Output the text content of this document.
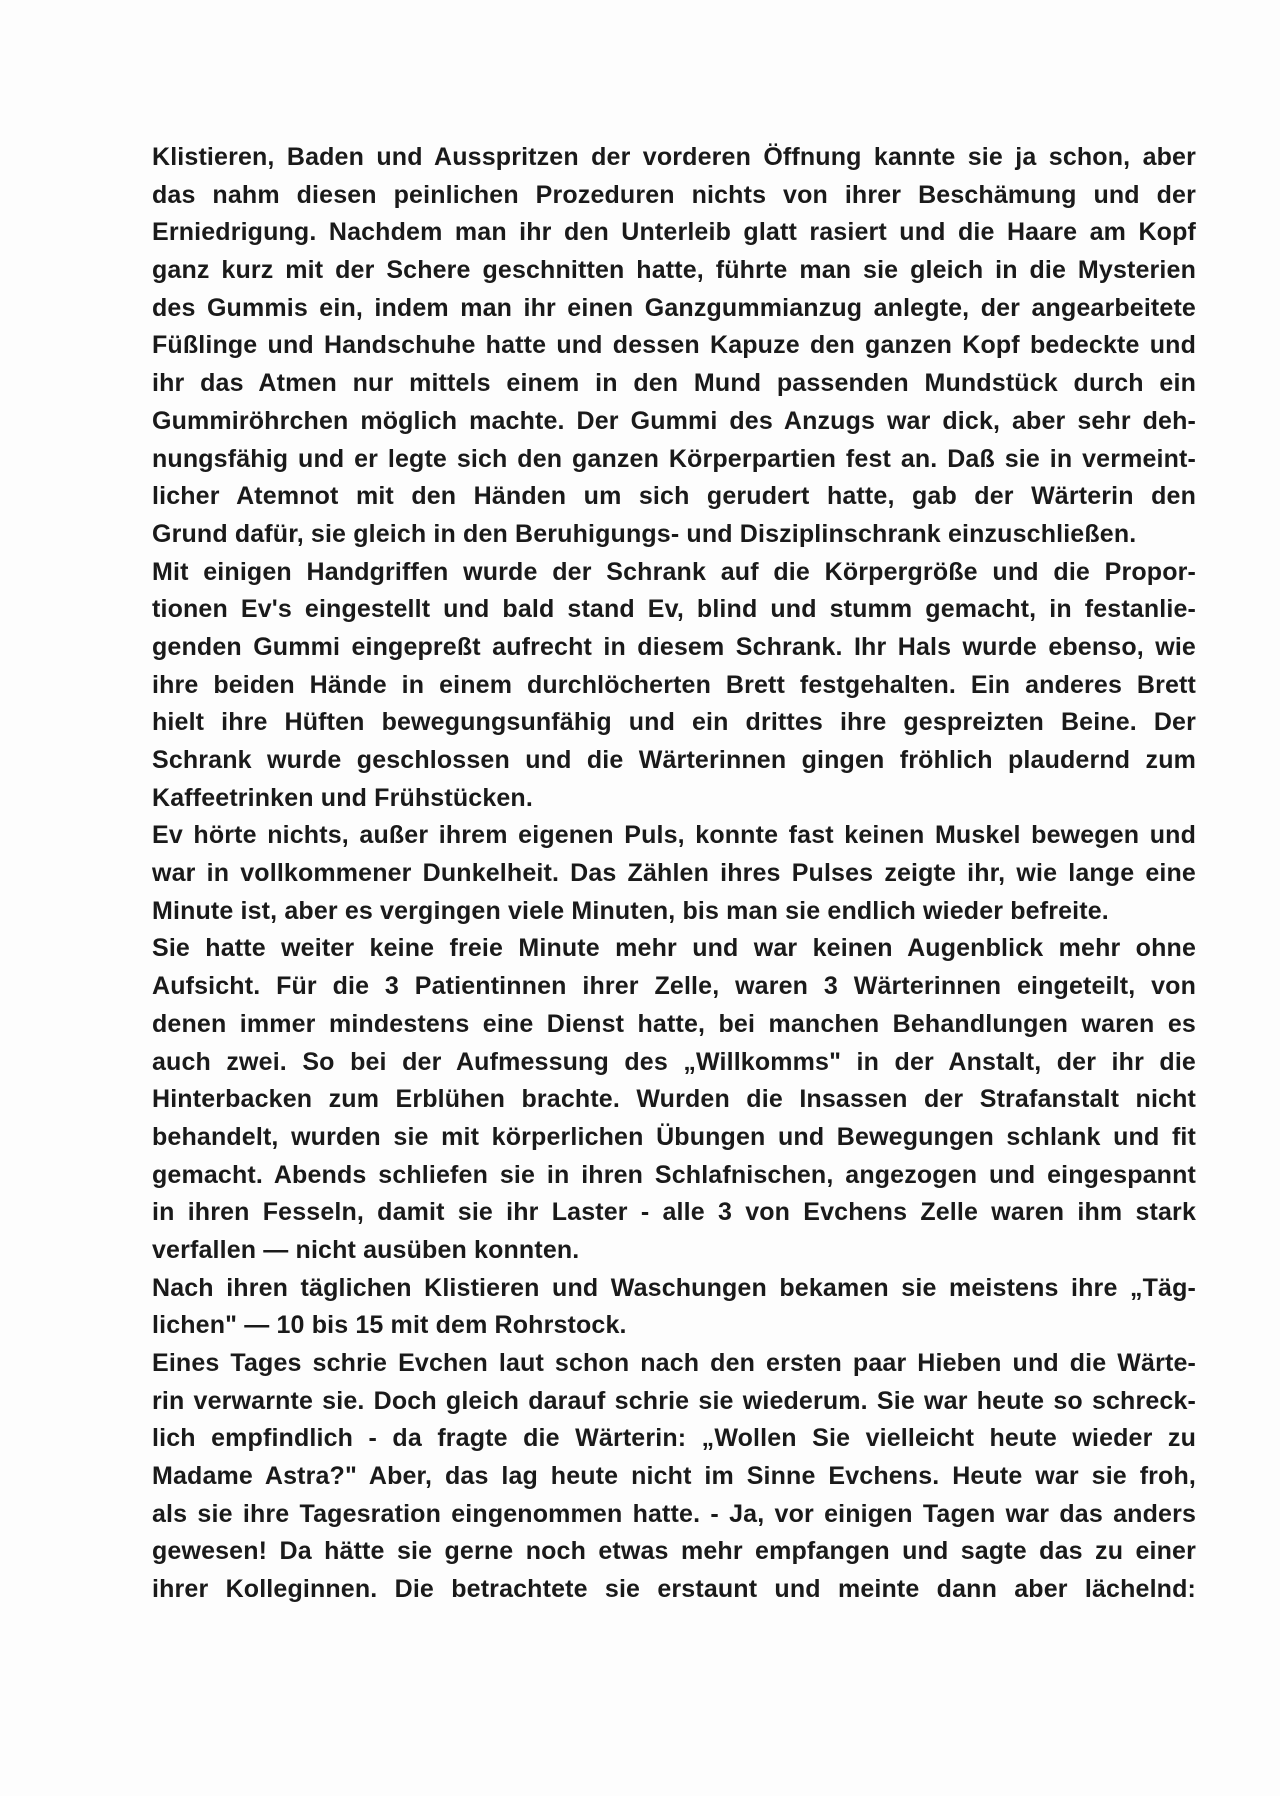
Klistieren, Baden und Ausspritzen der vorderen Öffnung kannte sie ja schon, aber
das nahm diesen peinlichen Prozeduren nichts von ihrer Beschämung und der
Erniedrigung. Nachdem man ihr den Unterleib glatt rasiert und die Haare am Kopf
ganz kurz mit der Schere geschnitten hatte, führte man sie gleich in die Mysterien
des Gummis ein, indem man ihr einen Ganzgummianzug anlegte, der angearbeitete
Füßlinge und Handschuhe hatte und dessen Kapuze den ganzen Kopf bedeckte und
ihr das Atmen nur mittels einem in den Mund passenden Mundstück durch ein
Gummiröhrchen möglich machte. Der Gummi des Anzugs war dick, aber sehr deh-
nungsfähig und er legte sich den ganzen Körperpartien fest an. Daß sie in vermeint-
licher Atemnot mit den Händen um sich gerudert hatte, gab der Wärterin den
Grund dafür, sie gleich in den Beruhigungs- und Disziplinschrank einzuschließen.
Mit einigen Handgriffen wurde der Schrank auf die Körpergröße und die Propor-
tionen Ev's eingestellt und bald stand Ev, blind und stumm gemacht, in festanlie-
genden Gummi eingepreßt aufrecht in diesem Schrank. Ihr Hals wurde ebenso, wie
ihre beiden Hände in einem durchlöcherten Brett festgehalten. Ein anderes Brett
hielt ihre Hüften bewegungsunfähig und ein drittes ihre gespreizten Beine. Der
Schrank wurde geschlossen und die Wärterinnen gingen fröhlich plaudernd zum
Kaffeetrinken und Frühstücken.
Ev hörte nichts, außer ihrem eigenen Puls, konnte fast keinen Muskel bewegen und
war in vollkommener Dunkelheit. Das Zählen ihres Pulses zeigte ihr, wie lange eine
Minute ist, aber es vergingen viele Minuten, bis man sie endlich wieder befreite.
Sie hatte weiter keine freie Minute mehr und war keinen Augenblick mehr ohne
Aufsicht. Für die 3 Patientinnen ihrer Zelle, waren 3 Wärterinnen eingeteilt, von
denen immer mindestens eine Dienst hatte, bei manchen Behandlungen waren es
auch zwei. So bei der Aufmessung des „Willkomms" in der Anstalt, der ihr die
Hinterbacken zum Erblühen brachte. Wurden die Insassen der Strafanstalt nicht
behandelt, wurden sie mit körperlichen Übungen und Bewegungen schlank und fit
gemacht. Abends schliefen sie in ihren Schlafnischen, angezogen und eingespannt
in ihren Fesseln, damit sie ihr Laster - alle 3 von Evchens Zelle waren ihm stark
verfallen — nicht ausüben konnten.
Nach ihren täglichen Klistieren und Waschungen bekamen sie meistens ihre „Täg-
lichen" — 10 bis 15 mit dem Rohrstock.
Eines Tages schrie Evchen laut schon nach den ersten paar Hieben und die Wärte-
rin verwarnte sie. Doch gleich darauf schrie sie wiederum. Sie war heute so schreck-
lich empfindlich - da fragte die Wärterin: „Wollen Sie vielleicht heute wieder zu
Madame Astra?" Aber, das lag heute nicht im Sinne Evchens. Heute war sie froh,
als sie ihre Tagesration eingenommen hatte. - Ja, vor einigen Tagen war das anders
gewesen! Da hätte sie gerne noch etwas mehr empfangen und sagte das zu einer
ihrer Kolleginnen. Die betrachtete sie erstaunt und meinte dann aber lächelnd:
